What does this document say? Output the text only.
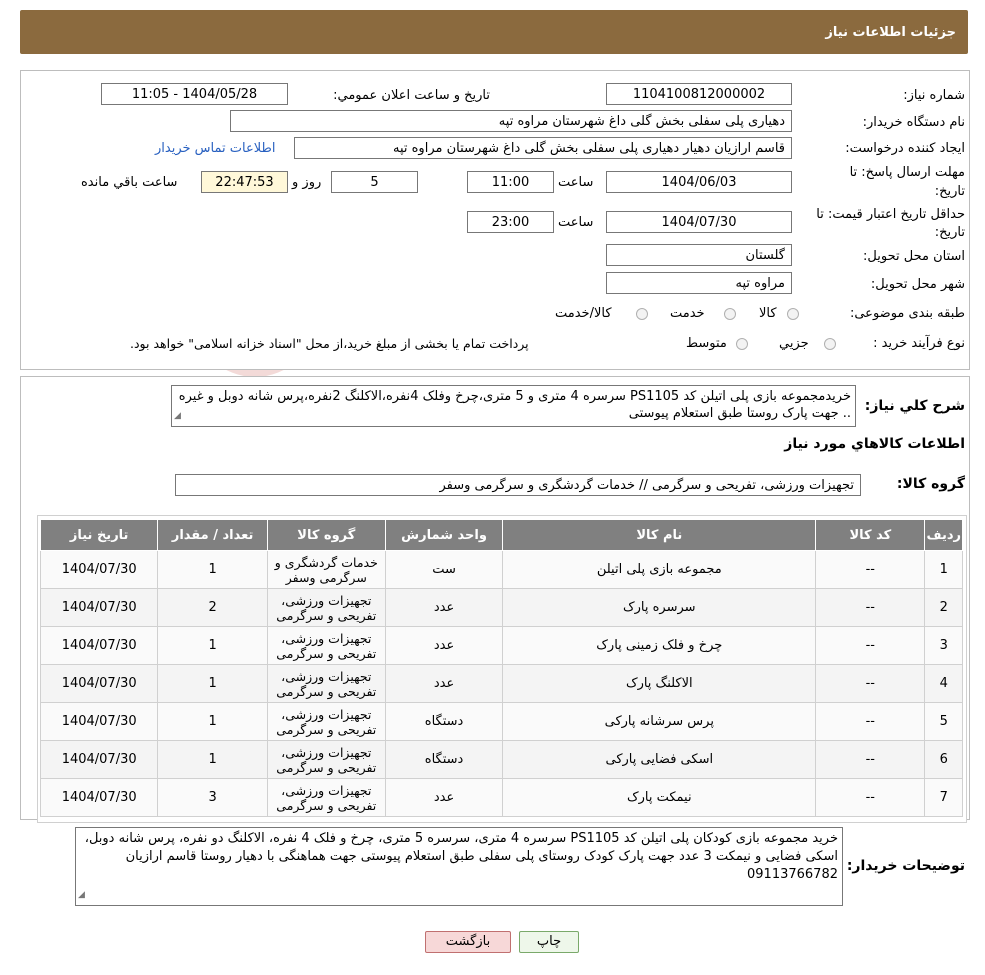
جزئیات اطلاعات نیاز
شماره نیاز:
1104100812000002
تاریخ و ساعت اعلان عمومي:
1404/05/28 - 11:05
نام دستگاه خريدار:
دهیاری پلی سفلی بخش گلی داغ شهرستان مراوه تپه
ایجاد کننده درخواست:
قاسم ارازیان دهیار دهیاری پلی سفلی بخش گلی داغ شهرستان مراوه تپه
اطلاعات تماس خریدار
مهلت ارسال پاسخ: تا
تاریخ:
1404/06/03
ساعت
11:00
5
روز و
22:47:53
ساعت باقي مانده
حداقل تاریخ اعتبار قیمت: تا
تاریخ:
1404/07/30
ساعت
23:00
استان محل تحویل:
گلستان
شهر محل تحویل:
مراوه تپه
طبقه بندی موضوعی:
کالا
خدمت
کالا/خدمت
نوع فرآیند خرید :
جزیي
متوسط
پرداخت تمام یا بخشی از مبلغ خرید،از محل "اسناد خزانه اسلامی" خواهد بود.
شرح کلي نياز:
خریدمجموعه بازی پلی اتیلن کد PS1105 سرسره 4 متری و 5 متری،چرخ وفلک 4نفره،الاکلنگ 2نفره،پرس شانه دوبل و غیره .. جهت پارک روستا طبق استعلام پیوستی
◢
اطلاعات کالاهاي مورد نياز
گروه کالا:
تجهیزات ورزشی، تفریحی و سرگرمی // خدمات گردشگری و سرگرمی وسفر
رديف	کد کالا	نام کالا	واحد شمارش	گروه کالا	تعداد / مقدار	تاريخ نياز
1	--	مجموعه بازی پلی اتیلن	ست	خدمات گردشگری و سرگرمی وسفر	1	1404/07/30
2	--	سرسره پارک	عدد	تجهیزات ورزشی، تفریحی و سرگرمی	2	1404/07/30
3	--	چرخ و فلک زمینی پارک	عدد	تجهیزات ورزشی، تفریحی و سرگرمی	1	1404/07/30
4	--	الاکلنگ پارک	عدد	تجهیزات ورزشی، تفریحی و سرگرمی	1	1404/07/30
5	--	پرس سرشانه پارکی	دستگاه	تجهیزات ورزشی، تفریحی و سرگرمی	1	1404/07/30
6	--	اسکی فضایی پارکی	دستگاه	تجهیزات ورزشی، تفریحی و سرگرمی	1	1404/07/30
7	--	نیمکت پارک	عدد	تجهیزات ورزشی، تفریحی و سرگرمی	3	1404/07/30
توضیحات خریدار:
خرید مجموعه بازی کودکان پلی اتیلن کد PS1105 سرسره 4 متری، سرسره 5 متری، چرخ و فلک 4 نفره، الاکلنگ دو نفره، پرس شانه دوبل، اسکی فضایی و نیمکت 3 عدد جهت پارک کودک روستای پلی سفلی طبق استعلام پیوستی جهت هماهنگی با دهیار روستا قاسم ارازیان 09113766782
◢
چاپ
بازگشت
